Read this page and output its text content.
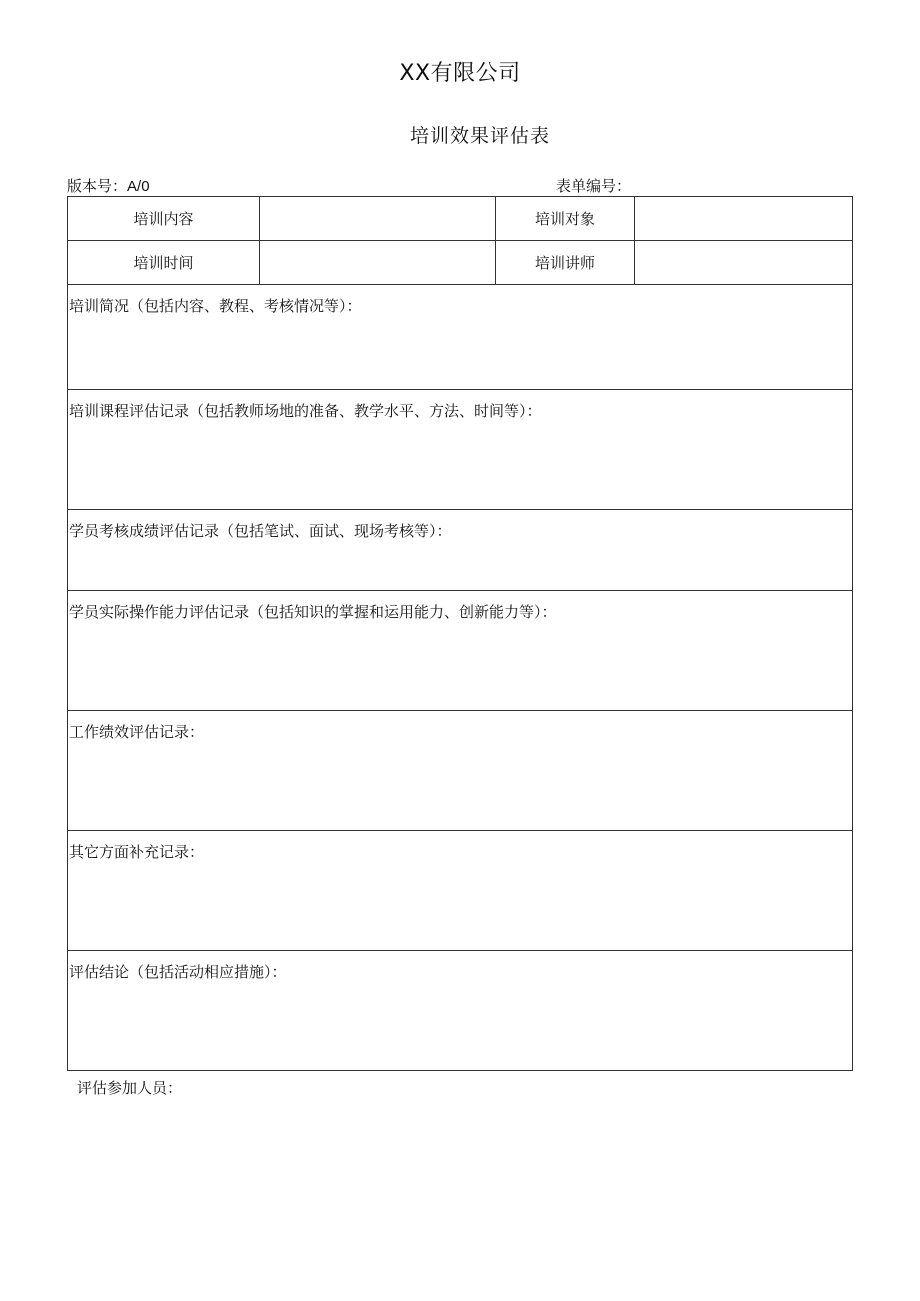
XX有限公司
培训效果评估表
版本号：A/0	表单编号：
培训内容		培训对象	
培训时间		培训讲师	
培训简况（包括内容、教程、考核情况等）：			
培训课程评估记录（包括教师场地的准备、教学水平、方法、时间等）：			
学员考核成绩评估记录（包括笔试、面试、现场考核等）：			
学员实际操作能力评估记录（包括知识的掌握和运用能力、创新能力等）：			
工作绩效评估记录：			
其它方面补充记录：			
评估结论（包括活动相应措施）：			
评估参加人员：
